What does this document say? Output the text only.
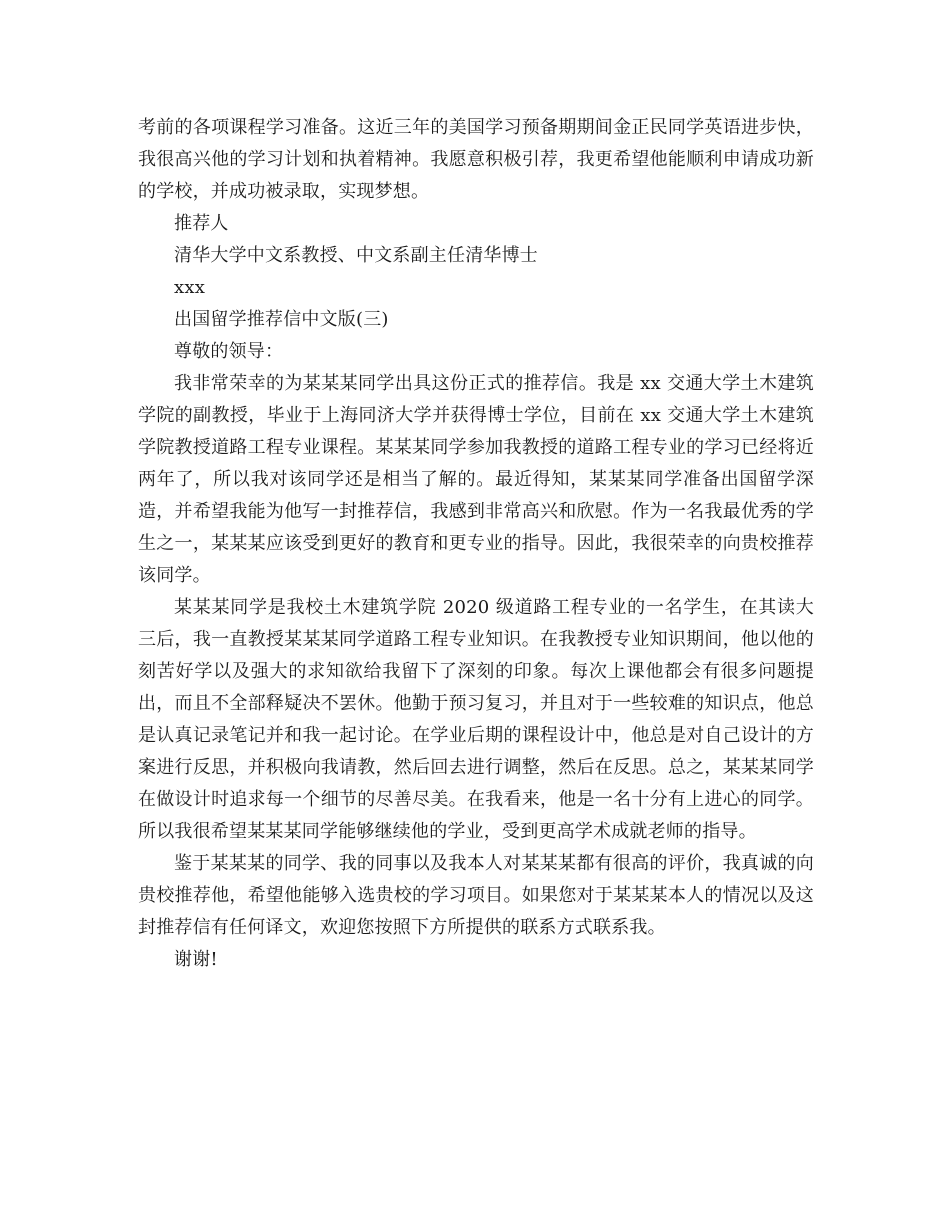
考前的各项课程学习准备。这近三年的美国学习预备期期间金正民同学英语进步快，我很高兴他的学习计划和执着精神。我愿意积极引荐，我更希望他能顺利申请成功新的学校，并成功被录取，实现梦想。

推荐人

清华大学中文系教授、中文系副主任清华博士

xxx

出国留学推荐信中文版(三)

尊敬的领导：

我非常荣幸的为某某某同学出具这份正式的推荐信。我是 xx 交通大学土木建筑学院的副教授，毕业于上海同济大学并获得博士学位，目前在 xx 交通大学土木建筑学院教授道路工程专业课程。某某某同学参加我教授的道路工程专业的学习已经将近两年了，所以我对该同学还是相当了解的。最近得知，某某某同学准备出国留学深造，并希望我能为他写一封推荐信，我感到非常高兴和欣慰。作为一名我最优秀的学生之一，某某某应该受到更好的教育和更专业的指导。因此，我很荣幸的向贵校推荐该同学。

某某某同学是我校土木建筑学院 2020 级道路工程专业的一名学生，在其读大三后，我一直教授某某某同学道路工程专业知识。在我教授专业知识期间，他以他的刻苦好学以及强大的求知欲给我留下了深刻的印象。每次上课他都会有很多问题提出，而且不全部释疑决不罢休。他勤于预习复习，并且对于一些较难的知识点，他总是认真记录笔记并和我一起讨论。在学业后期的课程设计中，他总是对自己设计的方案进行反思，并积极向我请教，然后回去进行调整，然后在反思。总之，某某某同学在做设计时追求每一个细节的尽善尽美。在我看来，他是一名十分有上进心的同学。所以我很希望某某某同学能够继续他的学业，受到更高学术成就老师的指导。

鉴于某某某的同学、我的同事以及我本人对某某某都有很高的评价，我真诚的向贵校推荐他，希望他能够入选贵校的学习项目。如果您对于某某某本人的情况以及这封推荐信有任何译文，欢迎您按照下方所提供的联系方式联系我。

谢谢!
